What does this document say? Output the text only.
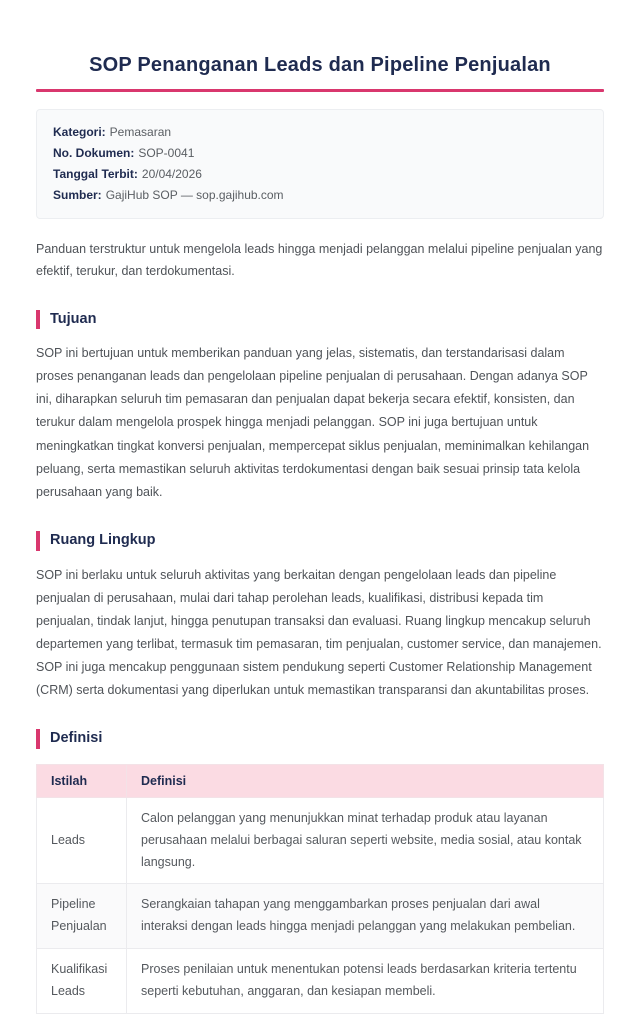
SOP Penanganan Leads dan Pipeline Penjualan
Kategori: Pemasaran
No. Dokumen: SOP-0041
Tanggal Terbit: 20/04/2026
Sumber: GajiHub SOP — sop.gajihub.com

Panduan terstruktur untuk mengelola leads hingga menjadi pelanggan melalui pipeline penjualan yang efektif, terukur, dan terdokumentasi.

Tujuan

SOP ini bertujuan untuk memberikan panduan yang jelas, sistematis, dan terstandarisasi dalam proses penanganan leads dan pengelolaan pipeline penjualan di perusahaan. Dengan adanya SOP ini, diharapkan seluruh tim pemasaran dan penjualan dapat bekerja secara efektif, konsisten, dan terukur dalam mengelola prospek hingga menjadi pelanggan. SOP ini juga bertujuan untuk meningkatkan tingkat konversi penjualan, mempercepat siklus penjualan, meminimalkan kehilangan peluang, serta memastikan seluruh aktivitas terdokumentasi dengan baik sesuai prinsip tata kelola perusahaan yang baik.

Ruang Lingkup

SOP ini berlaku untuk seluruh aktivitas yang berkaitan dengan pengelolaan leads dan pipeline penjualan di perusahaan, mulai dari tahap perolehan leads, kualifikasi, distribusi kepada tim penjualan, tindak lanjut, hingga penutupan transaksi dan evaluasi. Ruang lingkup mencakup seluruh departemen yang terlibat, termasuk tim pemasaran, tim penjualan, customer service, dan manajemen. SOP ini juga mencakup penggunaan sistem pendukung seperti Customer Relationship Management (CRM) serta dokumentasi yang diperlukan untuk memastikan transparansi dan akuntabilitas proses.

Definisi
Istilah	Definisi
Leads	Calon pelanggan yang menunjukkan minat terhadap produk atau layanan perusahaan melalui berbagai saluran seperti website, media sosial, atau kontak langsung.
Pipeline Penjualan	Serangkaian tahapan yang menggambarkan proses penjualan dari awal interaksi dengan leads hingga menjadi pelanggan yang melakukan pembelian.
Kualifikasi Leads	Proses penilaian untuk menentukan potensi leads berdasarkan kriteria tertentu seperti kebutuhan, anggaran, dan kesiapan membeli.
